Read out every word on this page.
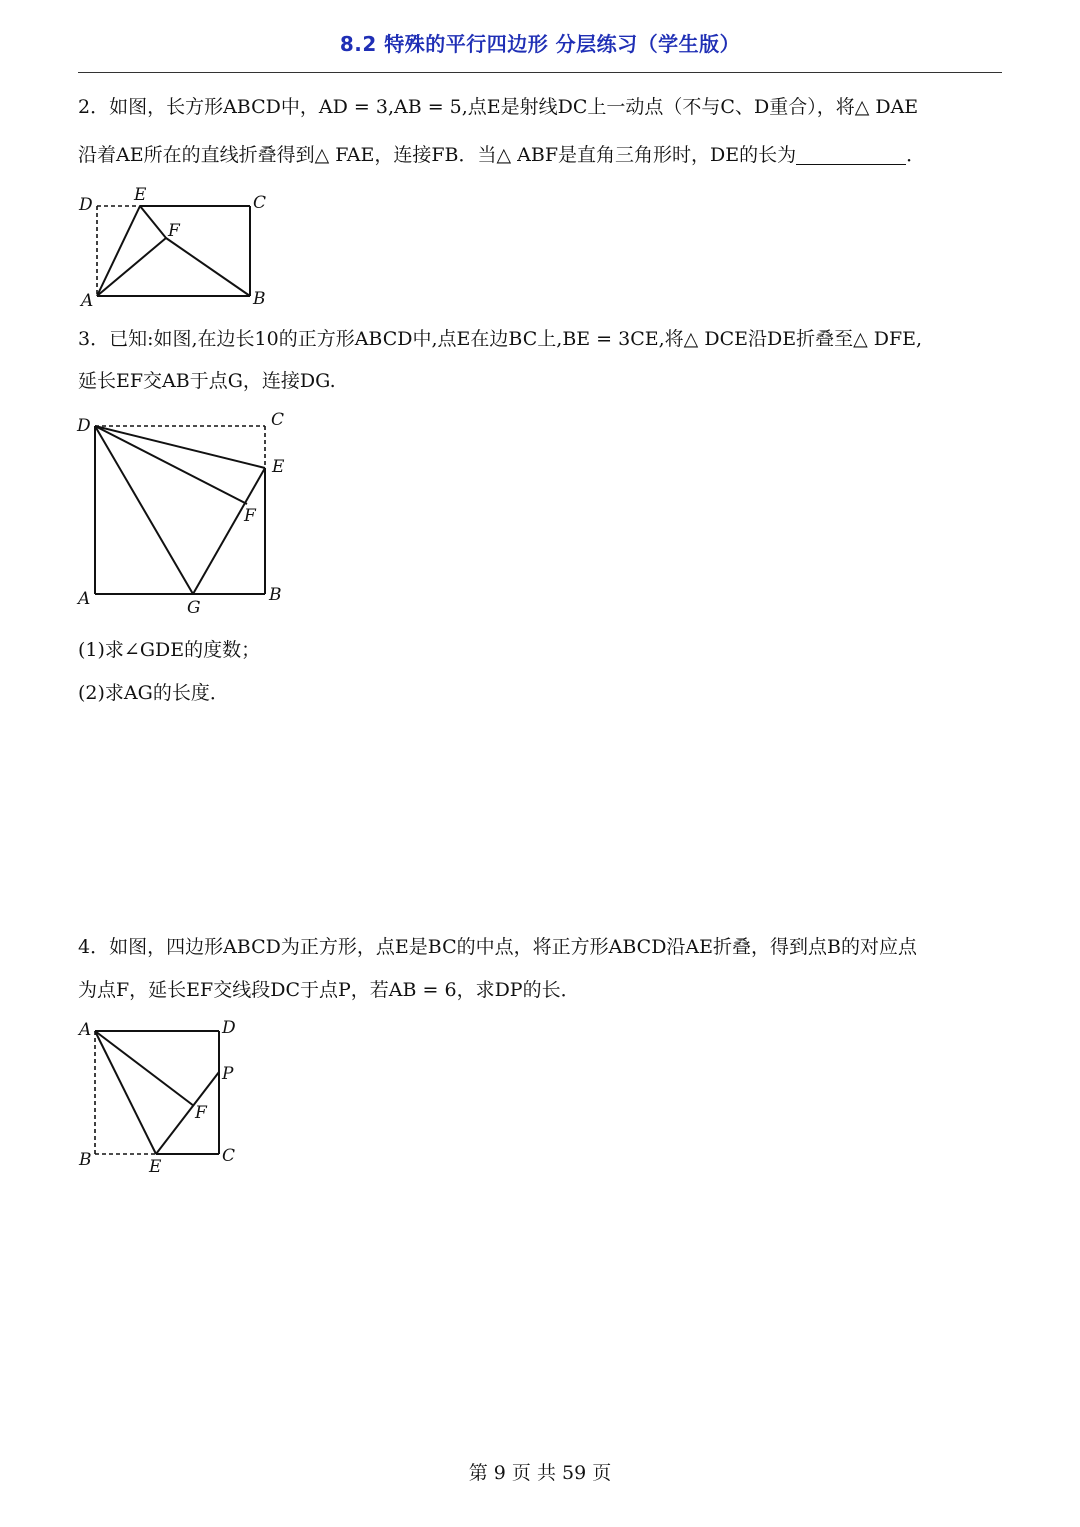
8.2 特殊的平行四边形 分层练习（学生版）
2．如图，长方形ABCD中，AD = 3,AB = 5,点E是射线DC上一动点（不与C、D重合），将△ DAE
沿着AE所在的直线折叠得到△ FAE，连接FB．当△ ABF是直角三角形时，DE的长为	．
D E	C
F
A	B
3．已知:如图,在边长10的正方形ABCD中,点E在边BC上,BE = 3CE,将△ DCE沿DE折叠至△ DFE,
延长EF交AB于点G，连接DG.
D	C
E
F
A	G
B
(1)求∠GDE的度数；
(2)求AG的长度．
4．如图，四边形ABCD为正方形，点E是BC的中点，将正方形ABCD沿AE折叠，得到点B的对应点
为点F，延长EF交线段DC于点P，若AB = 6，求DP的长．
A	D
P
F
B	E
C
第 9 页 共 59 页
